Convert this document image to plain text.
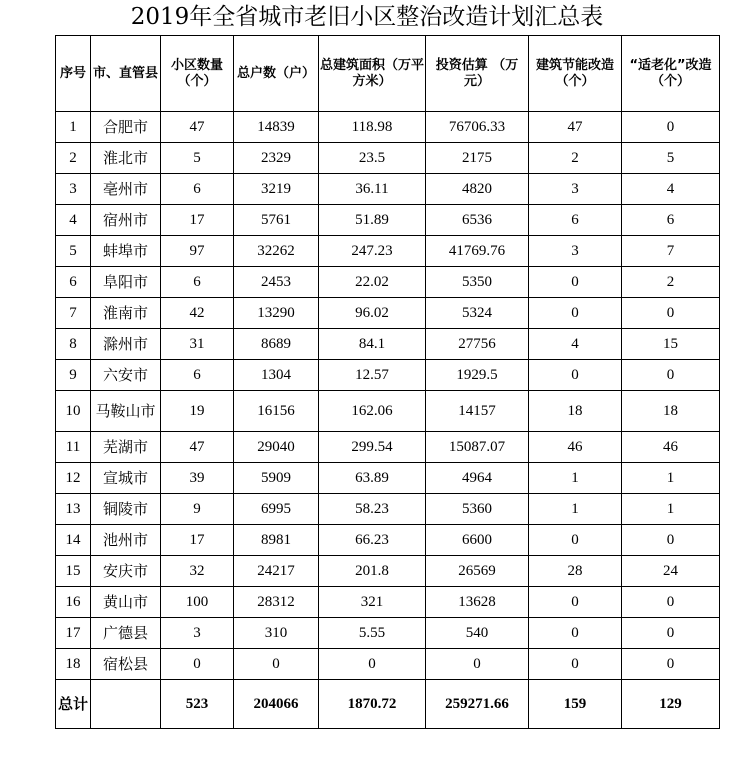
2019年全省城市老旧小区整治改造计划汇总表
序号	市、直管县	小区数量（个）	总户数（户）	总建筑面积（万平方米）	投资估算 （万元）	建筑节能改造（个）	“适老化”改造（个）
1	合肥市	47	14839	118.98	76706.33	47	0
2	淮北市	5	2329	23.5	2175	2	5
3	亳州市	6	3219	36.11	4820	3	4
4	宿州市	17	5761	51.89	6536	6	6
5	蚌埠市	97	32262	247.23	41769.76	3	7
6	阜阳市	6	2453	22.02	5350	0	2
7	淮南市	42	13290	96.02	5324	0	0
8	滁州市	31	8689	84.1	27756	4	15
9	六安市	6	1304	12.57	1929.5	0	0
10	马鞍山市	19	16156	162.06	14157	18	18
11	芜湖市	47	29040	299.54	15087.07	46	46
12	宣城市	39	5909	63.89	4964	1	1
13	铜陵市	9	6995	58.23	5360	1	1
14	池州市	17	8981	66.23	6600	0	0
15	安庆市	32	24217	201.8	26569	28	24
16	黄山市	100	28312	321	13628	0	0
17	广德县	3	310	5.55	540	0	0
18	宿松县	0	0	0	0	0	0
总计		523	204066	1870.72	259271.66	159	129
